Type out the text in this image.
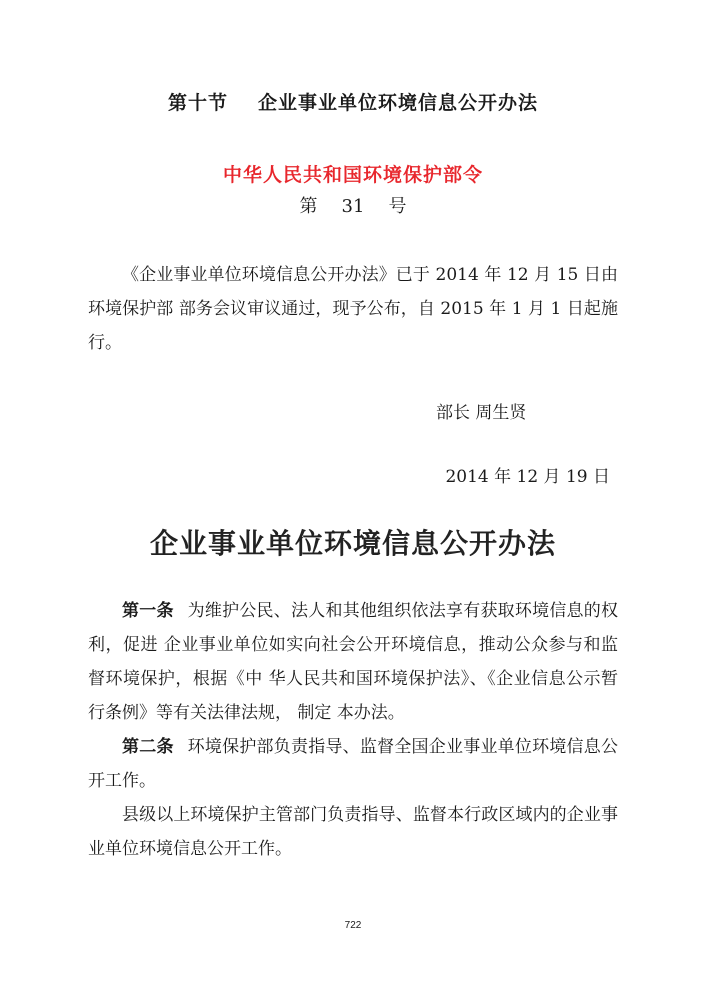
第十节 企业事业单位环境信息公开办法
中华人民共和国环境保护部令
第 31 号
《企业事业单位环境信息公开办法》已于 2014 年 12 月 15 日由环境保护部 部务会议审议通过，现予公布，自 2015 年 1 月 1 日起施行。
部长 周生贤
2014 年 12 月 19 日
企业事业单位环境信息公开办法
第一条 为维护公民、法人和其他组织依法享有获取环境信息的权利，促进 企业事业单位如实向社会公开环境信息，推动公众参与和监督环境保护，根据《中 华人民共和国环境保护法》、《企业信息公示暂行条例》等有关法律法规， 制定 本办法。
第二条 环境保护部负责指导、监督全国企业事业单位环境信息公开工作。
县级以上环境保护主管部门负责指导、监督本行政区域内的企业事业单位环境信息公开工作。
722
